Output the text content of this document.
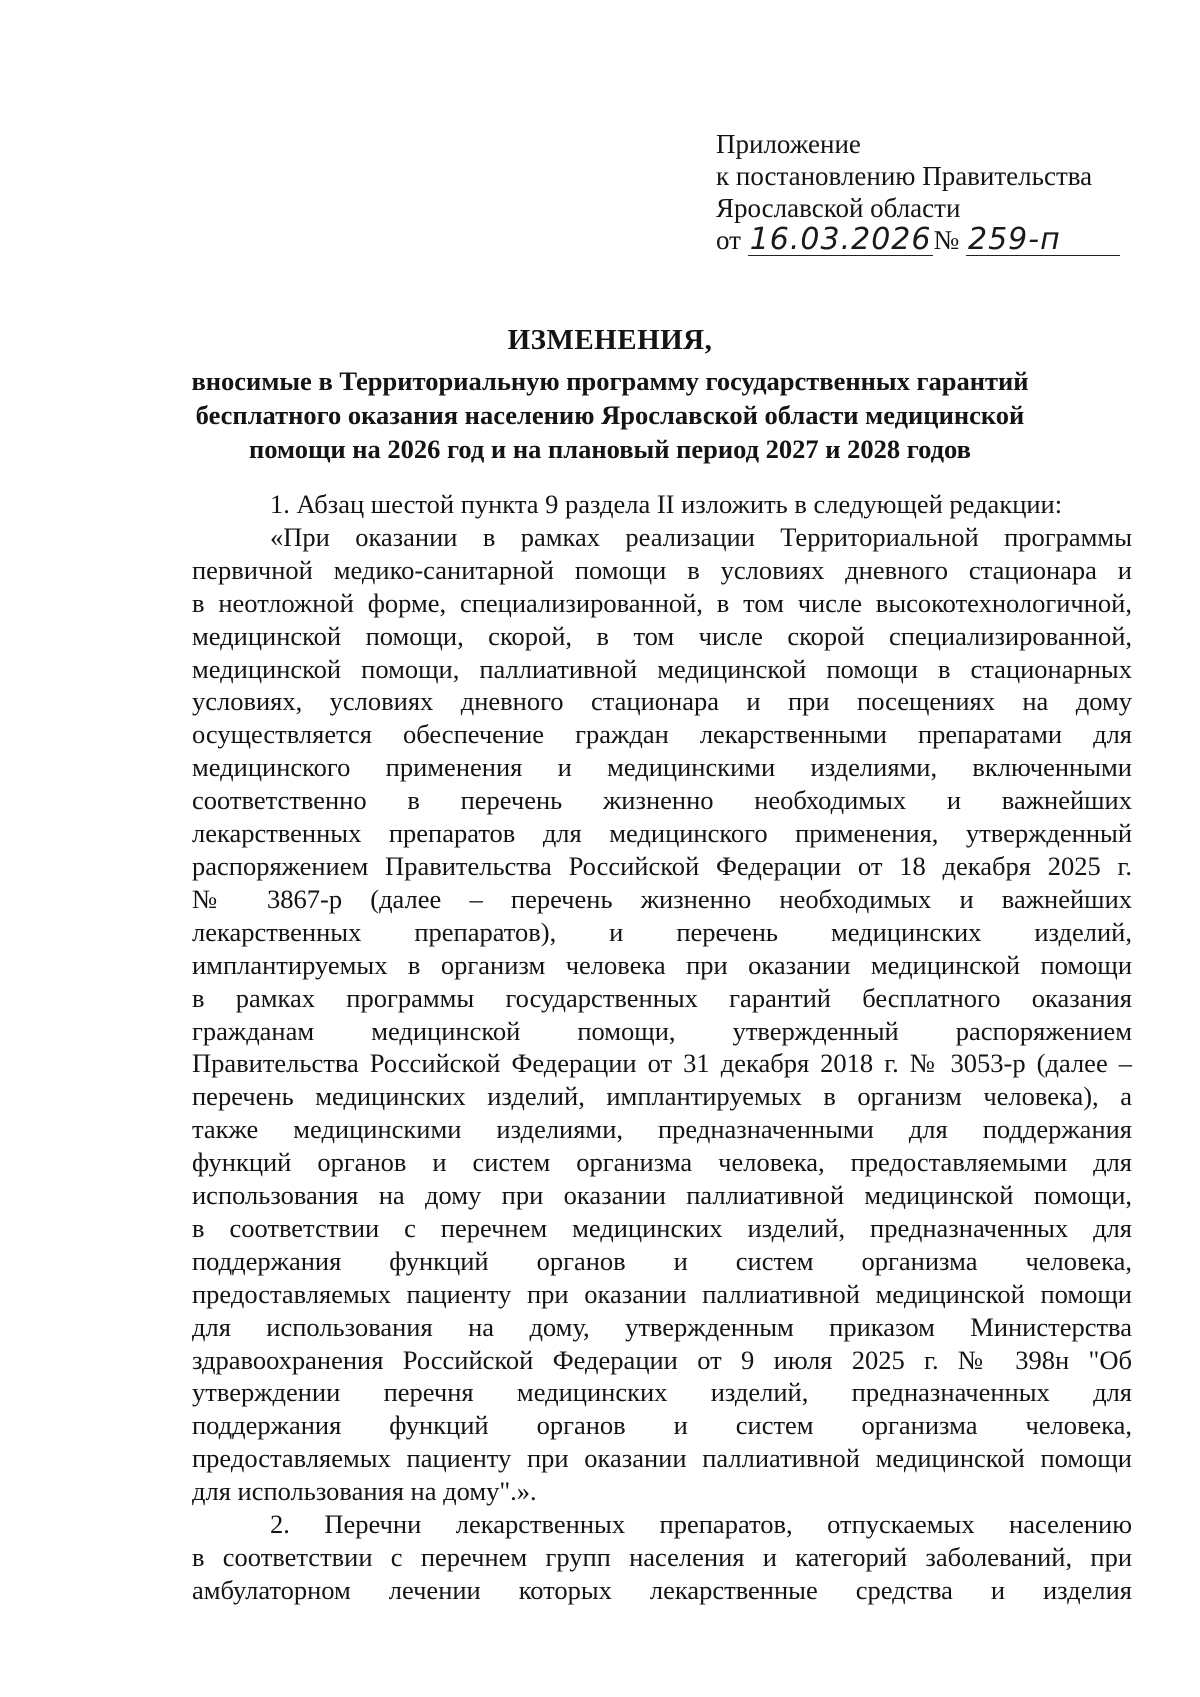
Приложение
к постановлению Правительства
Ярославской области
от 16.03.2026№ 259-п
ИЗМЕНЕНИЯ,
вносимые в Территориальную программу государственных гарантий
бесплатного оказания населению Ярославской области медицинской
помощи на 2026 год и на плановый период 2027 и 2028 годов
1. Абзац шестой пункта 9 раздела II изложить в следующей редакции:
«При оказании в рамках реализации Территориальной программы
первичной медико-санитарной помощи в условиях дневного стационара и
в неотложной форме, специализированной, в том числе высокотехнологичной,
медицинской помощи, скорой, в том числе скорой специализированной,
медицинской помощи, паллиативной медицинской помощи в стационарных
условиях, условиях дневного стационара и при посещениях на дому
осуществляется обеспечение граждан лекарственными препаратами для
медицинского применения и медицинскими изделиями, включенными
соответственно в перечень жизненно необходимых и важнейших
лекарственных препаратов для медицинского применения, утвержденный
распоряжением Правительства Российской Федерации от 18 декабря 2025 г.
№ 3867-р (далее – перечень жизненно необходимых и важнейших
лекарственных препаратов), и перечень медицинских изделий,
имплантируемых в организм человека при оказании медицинской помощи
в рамках программы государственных гарантий бесплатного оказания
гражданам медицинской помощи, утвержденный распоряжением
Правительства Российской Федерации от 31 декабря 2018 г. № 3053-р (далее –
перечень медицинских изделий, имплантируемых в организм человека), а
также медицинскими изделиями, предназначенными для поддержания
функций органов и систем организма человека, предоставляемыми для
использования на дому при оказании паллиативной медицинской помощи,
в соответствии с перечнем медицинских изделий, предназначенных для
поддержания функций органов и систем организма человека,
предоставляемых пациенту при оказании паллиативной медицинской помощи
для использования на дому, утвержденным приказом Министерства
здравоохранения Российской Федерации от 9 июля 2025 г. № 398н "Об
утверждении перечня медицинских изделий, предназначенных для
поддержания функций органов и систем организма человека,
предоставляемых пациенту при оказании паллиативной медицинской помощи
для использования на дому".».
2. Перечни лекарственных препаратов, отпускаемых населению
в соответствии с перечнем групп населения и категорий заболеваний, при
амбулаторном лечении которых лекарственные средства и изделия
